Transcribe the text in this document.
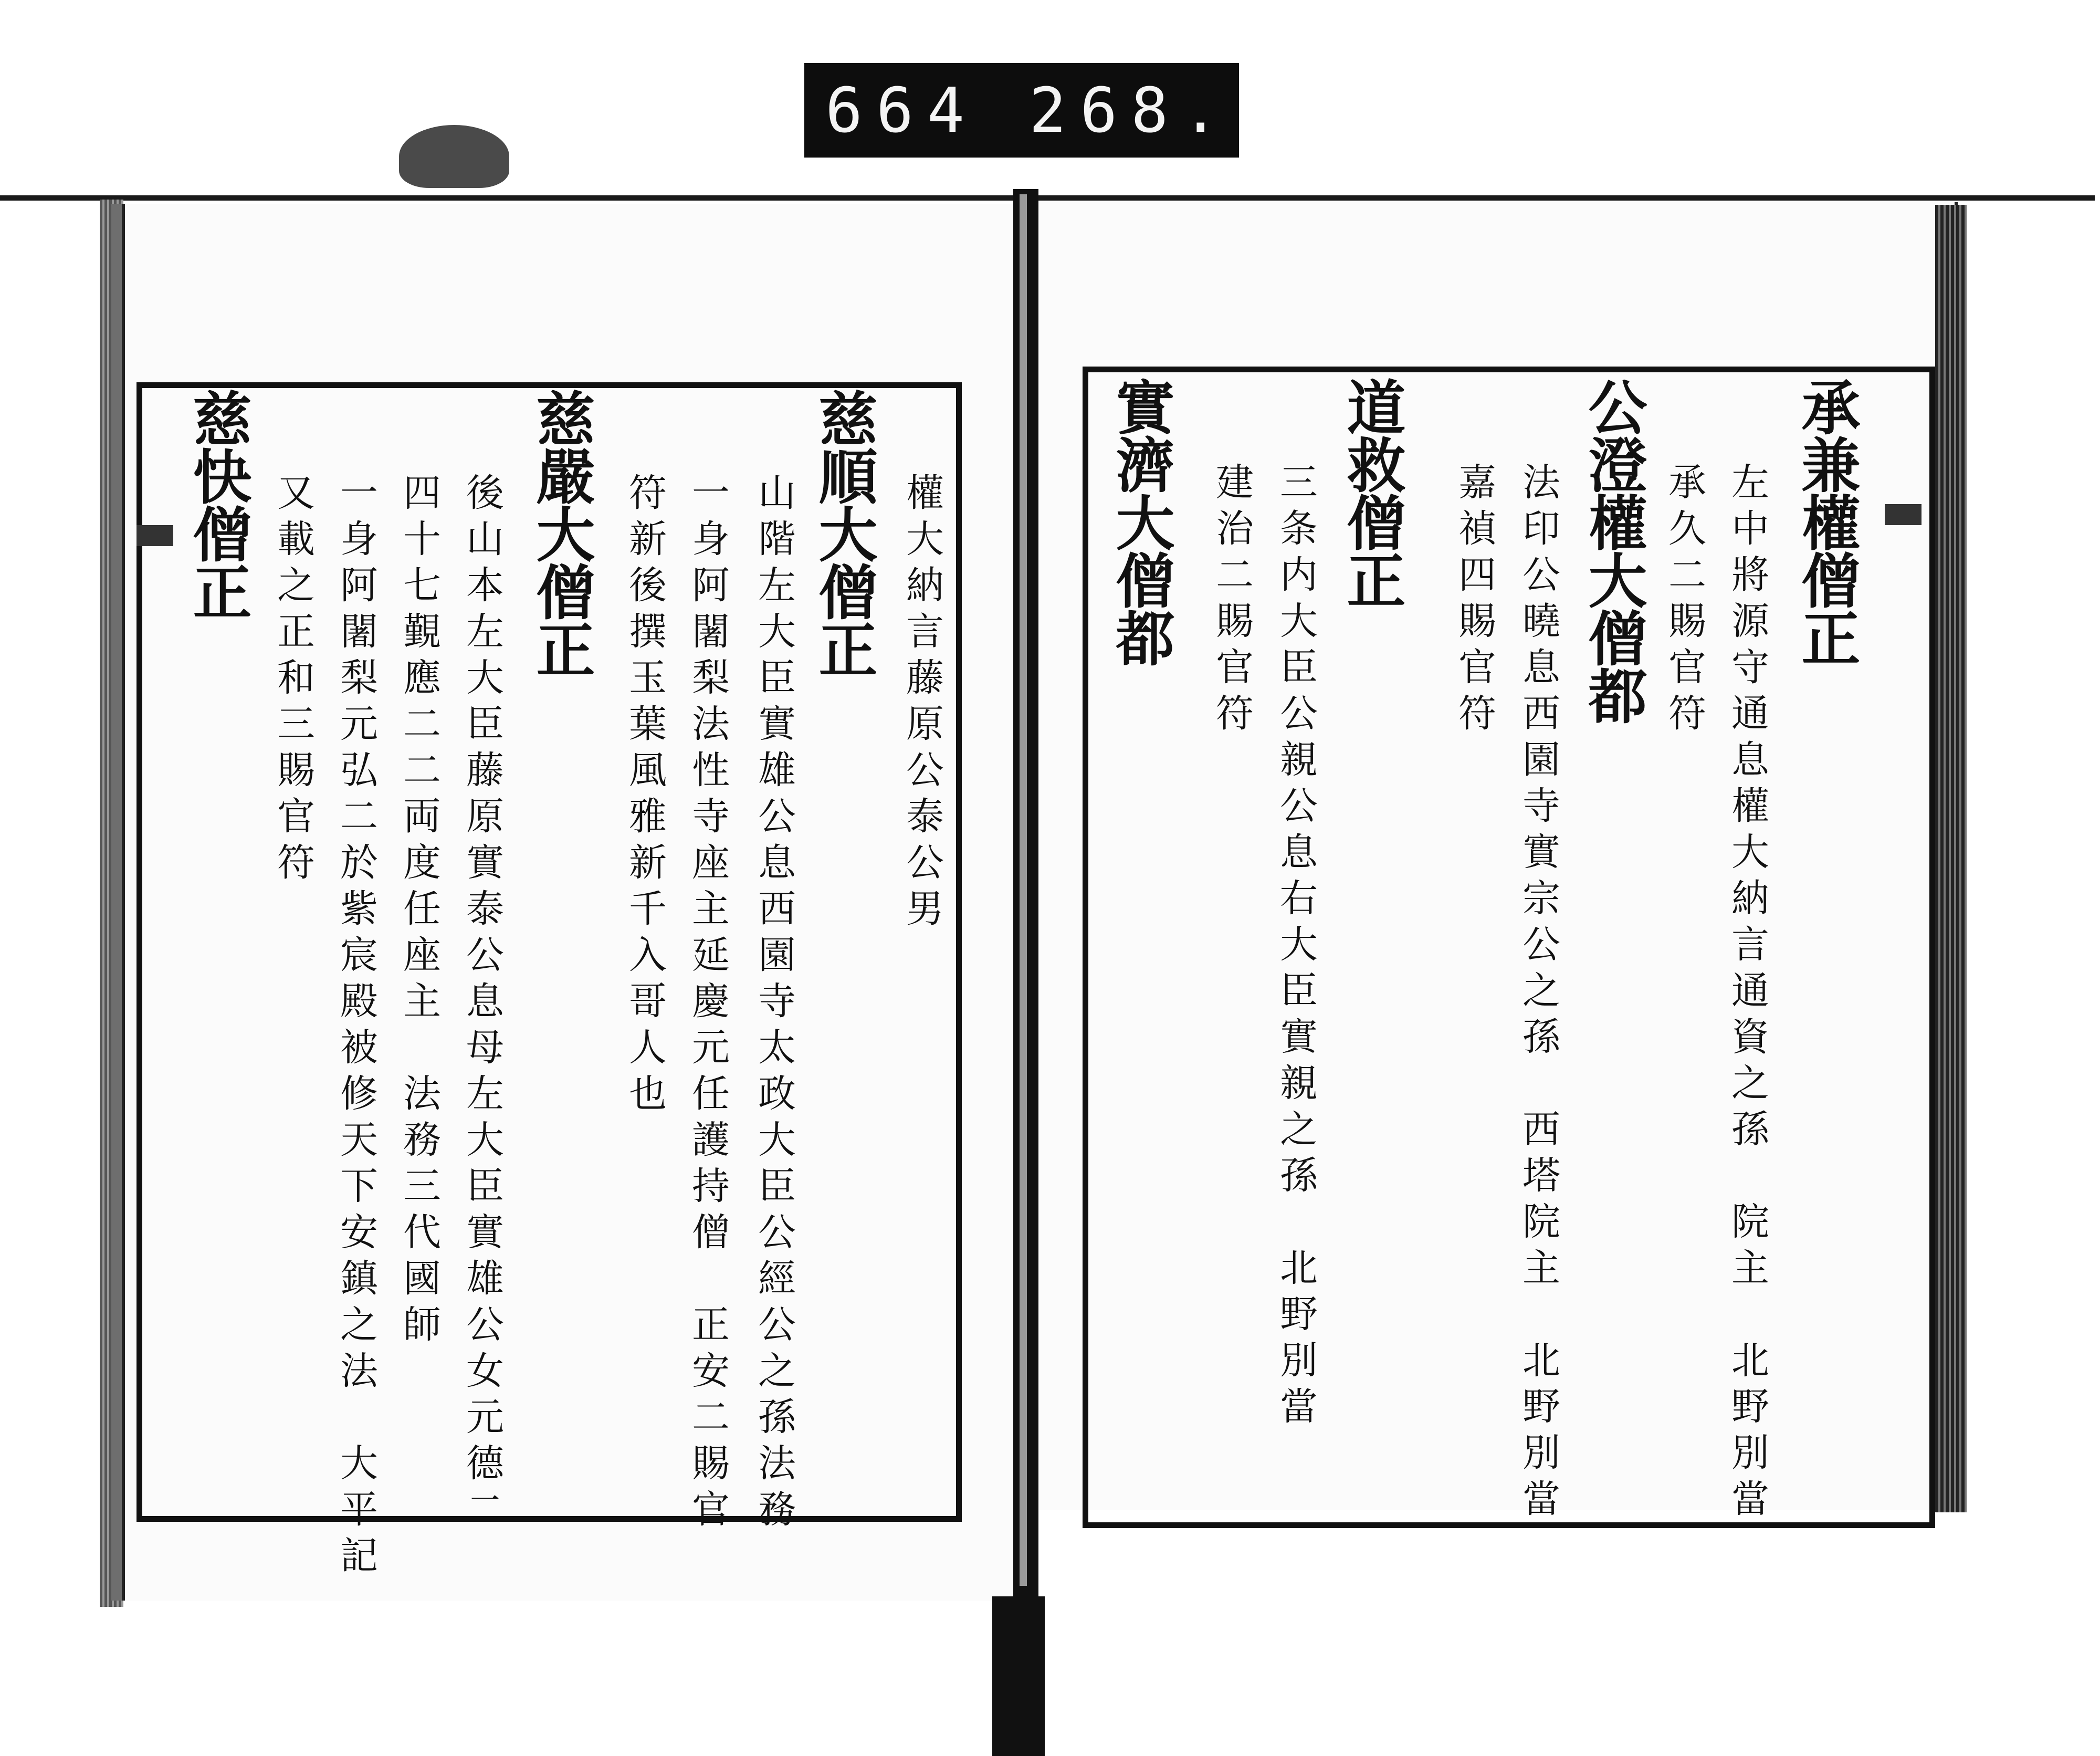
664 268.
承兼權僧正
左中將源守通息權大納言通資之孫　院主　北野別當
承久二賜官符
公澄權大僧都
法印公曉息西園寺實宗公之孫　西塔院主　北野別當
嘉禎四賜官符
道救僧正
三条内大臣公親公息右大臣實親之孫　北野別當
建治二賜官符
實濟大僧都
權大納言藤原公泰公男
慈順大僧正
山階左大臣實雄公息西園寺太政大臣公經公之孫法務
一身阿闍梨法性寺座主延慶元任護持僧　正安二賜官
符新後撰玉葉風雅新千入哥人也
慈嚴大僧正
後山本左大臣藤原實泰公息母左大臣實雄公女元德二
四十七覲應二二両度任座主　法務三代國師
一身阿闍梨元弘二於紫宸殿被修天下安鎮之法　大平記
又載之正和三賜官符
慈快僧正
